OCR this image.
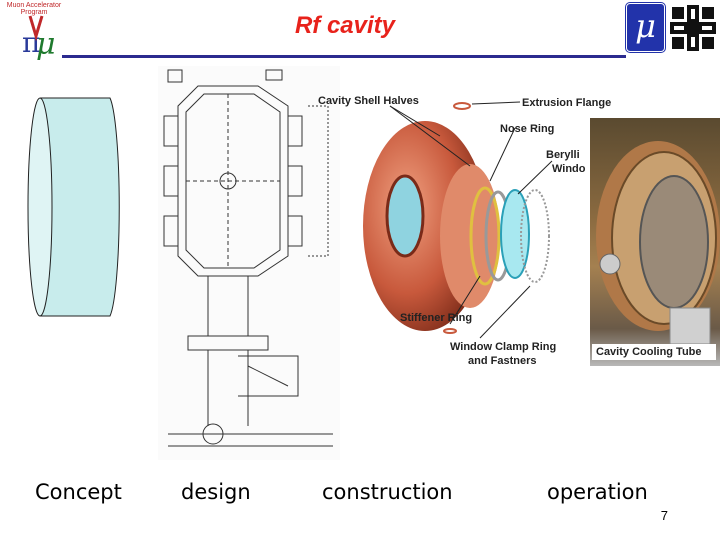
π
μ
Muon Accelerator Program	μ
Rf cavity
Cavity Shell Halves	Extrusion Flange
Nose Ring
Berylli
Windo
Stiffener Ring
Window Clamp Ring
and Fastners
Cavity Cooling Tube
Concept	design	construction	operation
7
